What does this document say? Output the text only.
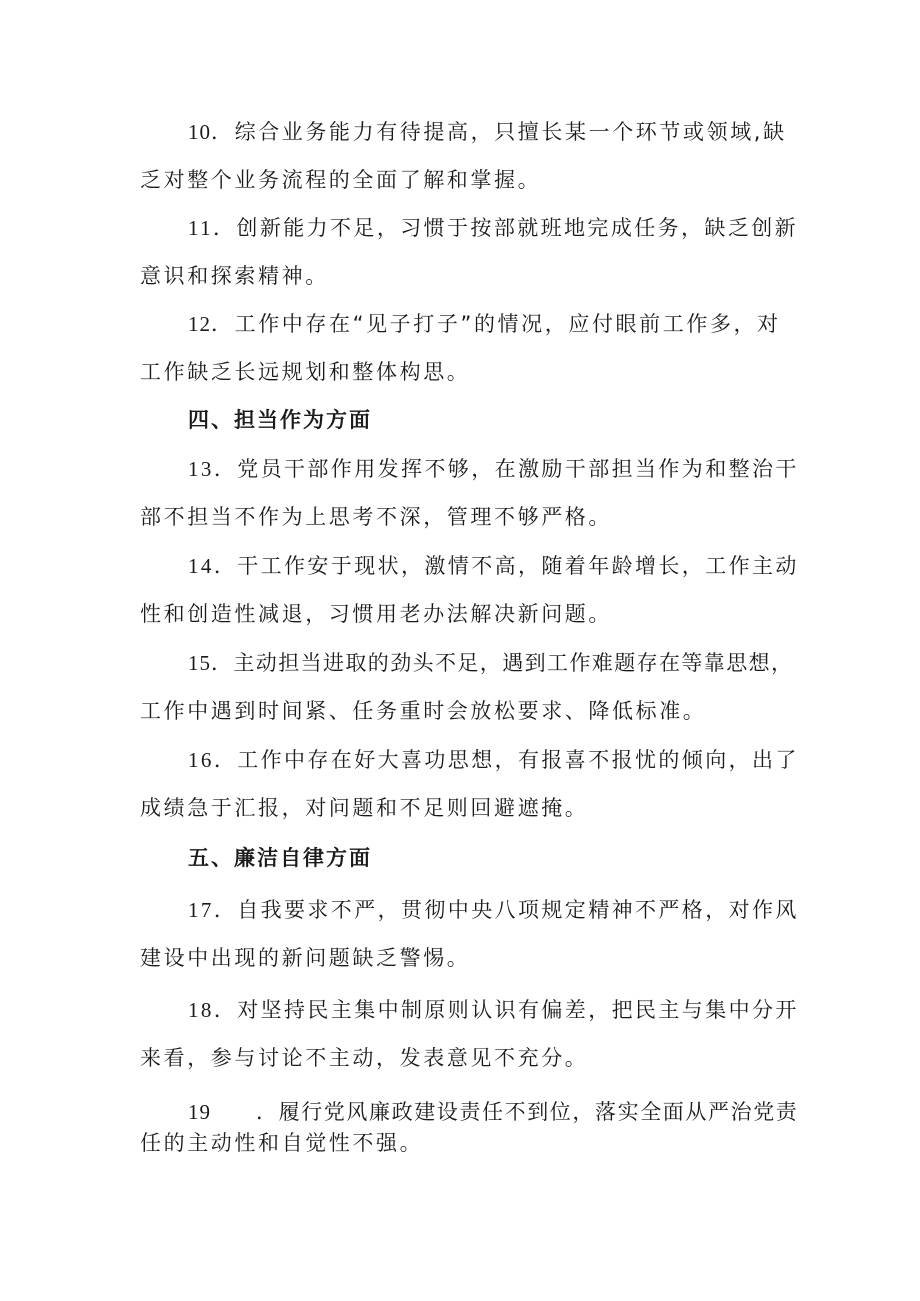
10．综合业务能力有待提高，只擅长某一个环节或领域,缺
乏对整个业务流程的全面了解和掌握。
11．创新能力不足，习惯于按部就班地完成任务，缺乏创新
意识和探索精神。
12．工作中存在“见子打子”的情况，应付眼前工作多，对
工作缺乏长远规划和整体构思。
四、担当作为方面
13．党员干部作用发挥不够，在激励干部担当作为和整治干
部不担当不作为上思考不深，管理不够严格。
14．干工作安于现状，激情不高，随着年龄增长，工作主动
性和创造性减退，习惯用老办法解决新问题。
15．主动担当进取的劲头不足，遇到工作难题存在等靠思想，
工作中遇到时间紧、任务重时会放松要求、降低标准。
16．工作中存在好大喜功思想，有报喜不报忧的倾向，出了
成绩急于汇报，对问题和不足则回避遮掩。
五、廉洁自律方面
17．自我要求不严，贯彻中央八项规定精神不严格，对作风
建设中出现的新问题缺乏警惕。
18．对坚持民主集中制原则认识有偏差，把民主与集中分开
来看，参与讨论不主动，发表意见不充分。
19 ．履行党风廉政建设责任不到位，落实全面从严治党责
任的主动性和自觉性不强。
